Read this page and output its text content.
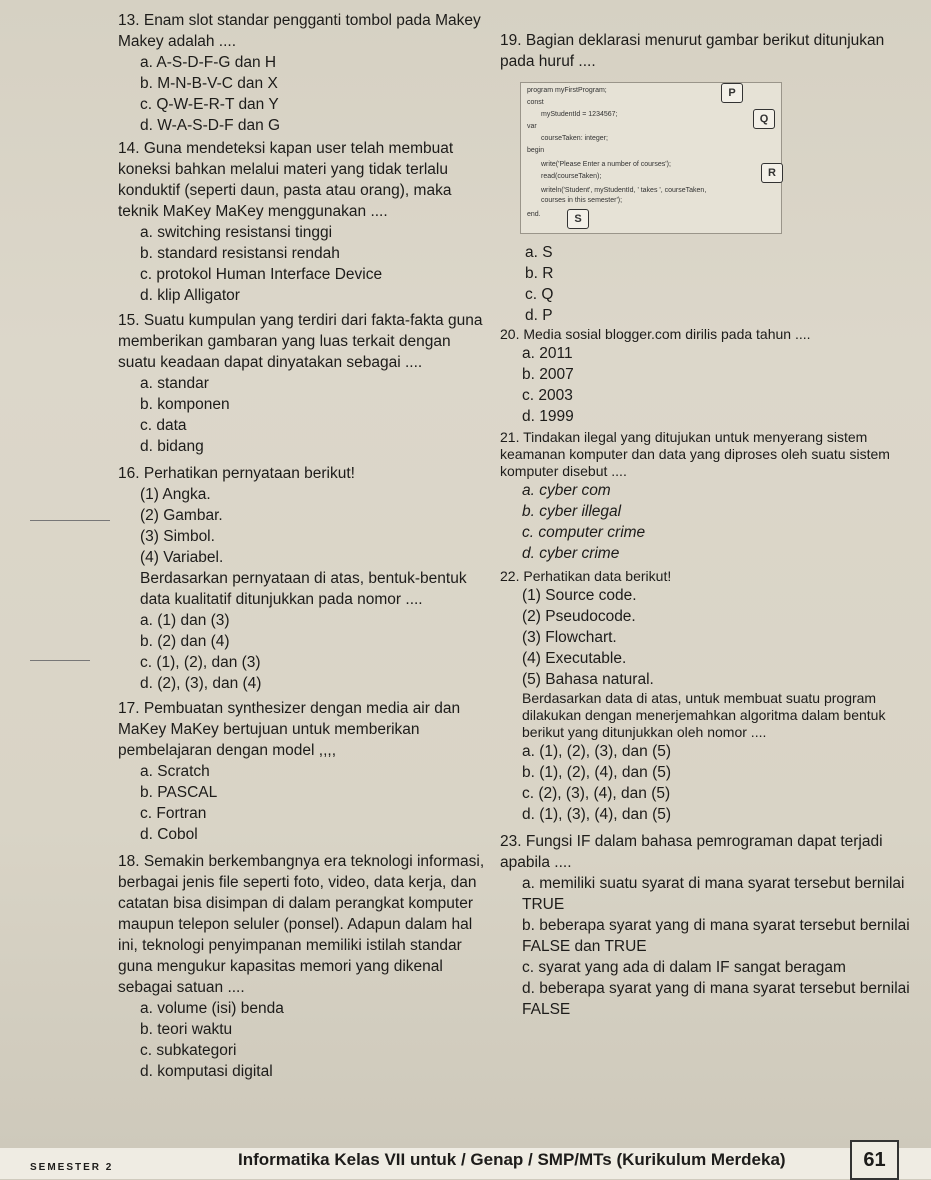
13. Enam slot standar pengganti tombol pada Makey Makey adalah ....
a. A-S-D-F-G dan H
b. M-N-B-V-C dan X
c. Q-W-E-R-T dan Y
d. W-A-S-D-F dan G
14. Guna mendeteksi kapan user telah membuat koneksi bahkan melalui materi yang tidak terlalu konduktif (seperti daun, pasta atau orang), maka teknik MaKey MaKey menggunakan ....
a. switching resistansi tinggi
b. standard resistansi rendah
c. protokol Human Interface Device
d. klip Alligator
15. Suatu kumpulan yang terdiri dari fakta-fakta guna memberikan gambaran yang luas terkait dengan suatu keadaan dapat dinyatakan sebagai ....
a. standar
b. komponen
c. data
d. bidang
16. Perhatikan pernyataan berikut!
(1) Angka.
(2) Gambar.
(3) Simbol.
(4) Variabel.
Berdasarkan pernyataan di atas, bentuk-bentuk data kualitatif ditunjukkan pada nomor ....
a. (1) dan (3)
b. (2) dan (4)
c. (1), (2), dan (3)
d. (2), (3), dan (4)
17. Pembuatan synthesizer dengan media air dan MaKey MaKey bertujuan untuk memberikan pembelajaran dengan model ,,,,
a. Scratch
b. PASCAL
c. Fortran
d. Cobol
18. Semakin berkembangnya era teknologi informasi, berbagai jenis file seperti foto, video, data kerja, dan catatan bisa disimpan di dalam perangkat komputer maupun telepon seluler (ponsel). Adapun dalam hal ini, teknologi penyimpanan memiliki istilah standar guna mengukur kapasitas memori yang dikenal sebagai satuan ....
a. volume (isi) benda
b. teori waktu
c. subkategori
d. komputasi digital
19. Bagian deklarasi menurut gambar berikut ditunjukan pada huruf ....
program myFirstProgram;
const
myStudentId = 1234567;
var
courseTaken: integer;
begin
write('Please Enter a number of courses');
read(courseTaken);
writeln('Student', myStudentId, ' takes ', courseTaken,
courses in this semester');
end.
P
Q
R
S
a. S
b. R
c. Q
d. P
20. Media sosial blogger.com dirilis pada tahun ....
a. 2011
b. 2007
c. 2003
d. 1999
21. Tindakan ilegal yang ditujukan untuk menyerang sistem keamanan komputer dan data yang diproses oleh suatu sistem komputer disebut ....
a. cyber com
b. cyber illegal
c. computer crime
d. cyber crime
22. Perhatikan data berikut!
(1) Source code.
(2) Pseudocode.
(3) Flowchart.
(4) Executable.
(5) Bahasa natural.
Berdasarkan data di atas, untuk membuat suatu program dilakukan dengan menerjemahkan algoritma dalam bentuk berikut yang ditunjukkan oleh nomor ....
a. (1), (2), (3), dan (5)
b. (1), (2), (4), dan (5)
c. (2), (3), (4), dan (5)
d. (1), (3), (4), dan (5)
23. Fungsi IF dalam bahasa pemrograman dapat terjadi apabila ....
a. memiliki suatu syarat di mana syarat tersebut bernilai TRUE
b. beberapa syarat yang di mana syarat tersebut bernilai FALSE dan TRUE
c. syarat yang ada di dalam IF sangat beragam
d. beberapa syarat yang di mana syarat tersebut bernilai FALSE
SEMESTER 2	Informatika Kelas VII untuk / Genap / SMP/MTs (Kurikulum Merdeka)	61
